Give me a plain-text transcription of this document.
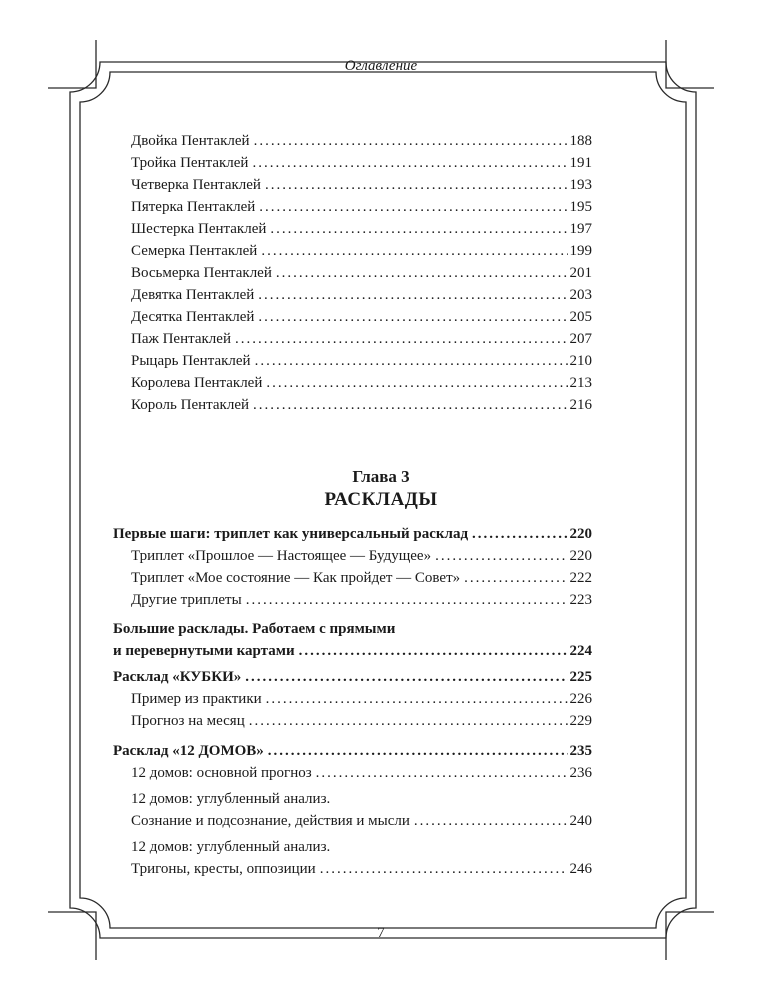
Оглавление
Двойка Пентаклей .....	188
Тройка Пентаклей .....	191
Четверка Пентаклей .....	193
Пятерка Пентаклей .....	195
Шестерка Пентаклей .....	197
Семерка Пентаклей .....	199
Восьмерка Пентаклей .....	201
Девятка Пентаклей .....	203
Десятка Пентаклей .....	205
Паж Пентаклей .....	207
Рыцарь Пентаклей .....	210
Королева Пентаклей .....	213
Король Пентаклей .....	216
Глава 3
РАСКЛАДЫ
Первые шаги: триплет как универсальный расклад .....	220
Триплет «Прошлое — Настоящее — Будущее» .....	220
Триплет «Мое состояние — Как пройдет — Совет» .....	222
Другие триплеты .....	223
Большие расклады. Работаем с прямыми
и перевернутыми картами .....	224
Расклад «КУБКИ» .....	225
Пример из практики .....	226
Прогноз на месяц .....	229
Расклад «12 ДОМОВ» .....	235
12 домов: основной прогноз .....	236
12 домов: углубленный анализ.
Сознание и подсознание, действия и мысли .....	240
12 домов: углубленный анализ.
Тригоны, кресты, оппозиции .....	246
7
